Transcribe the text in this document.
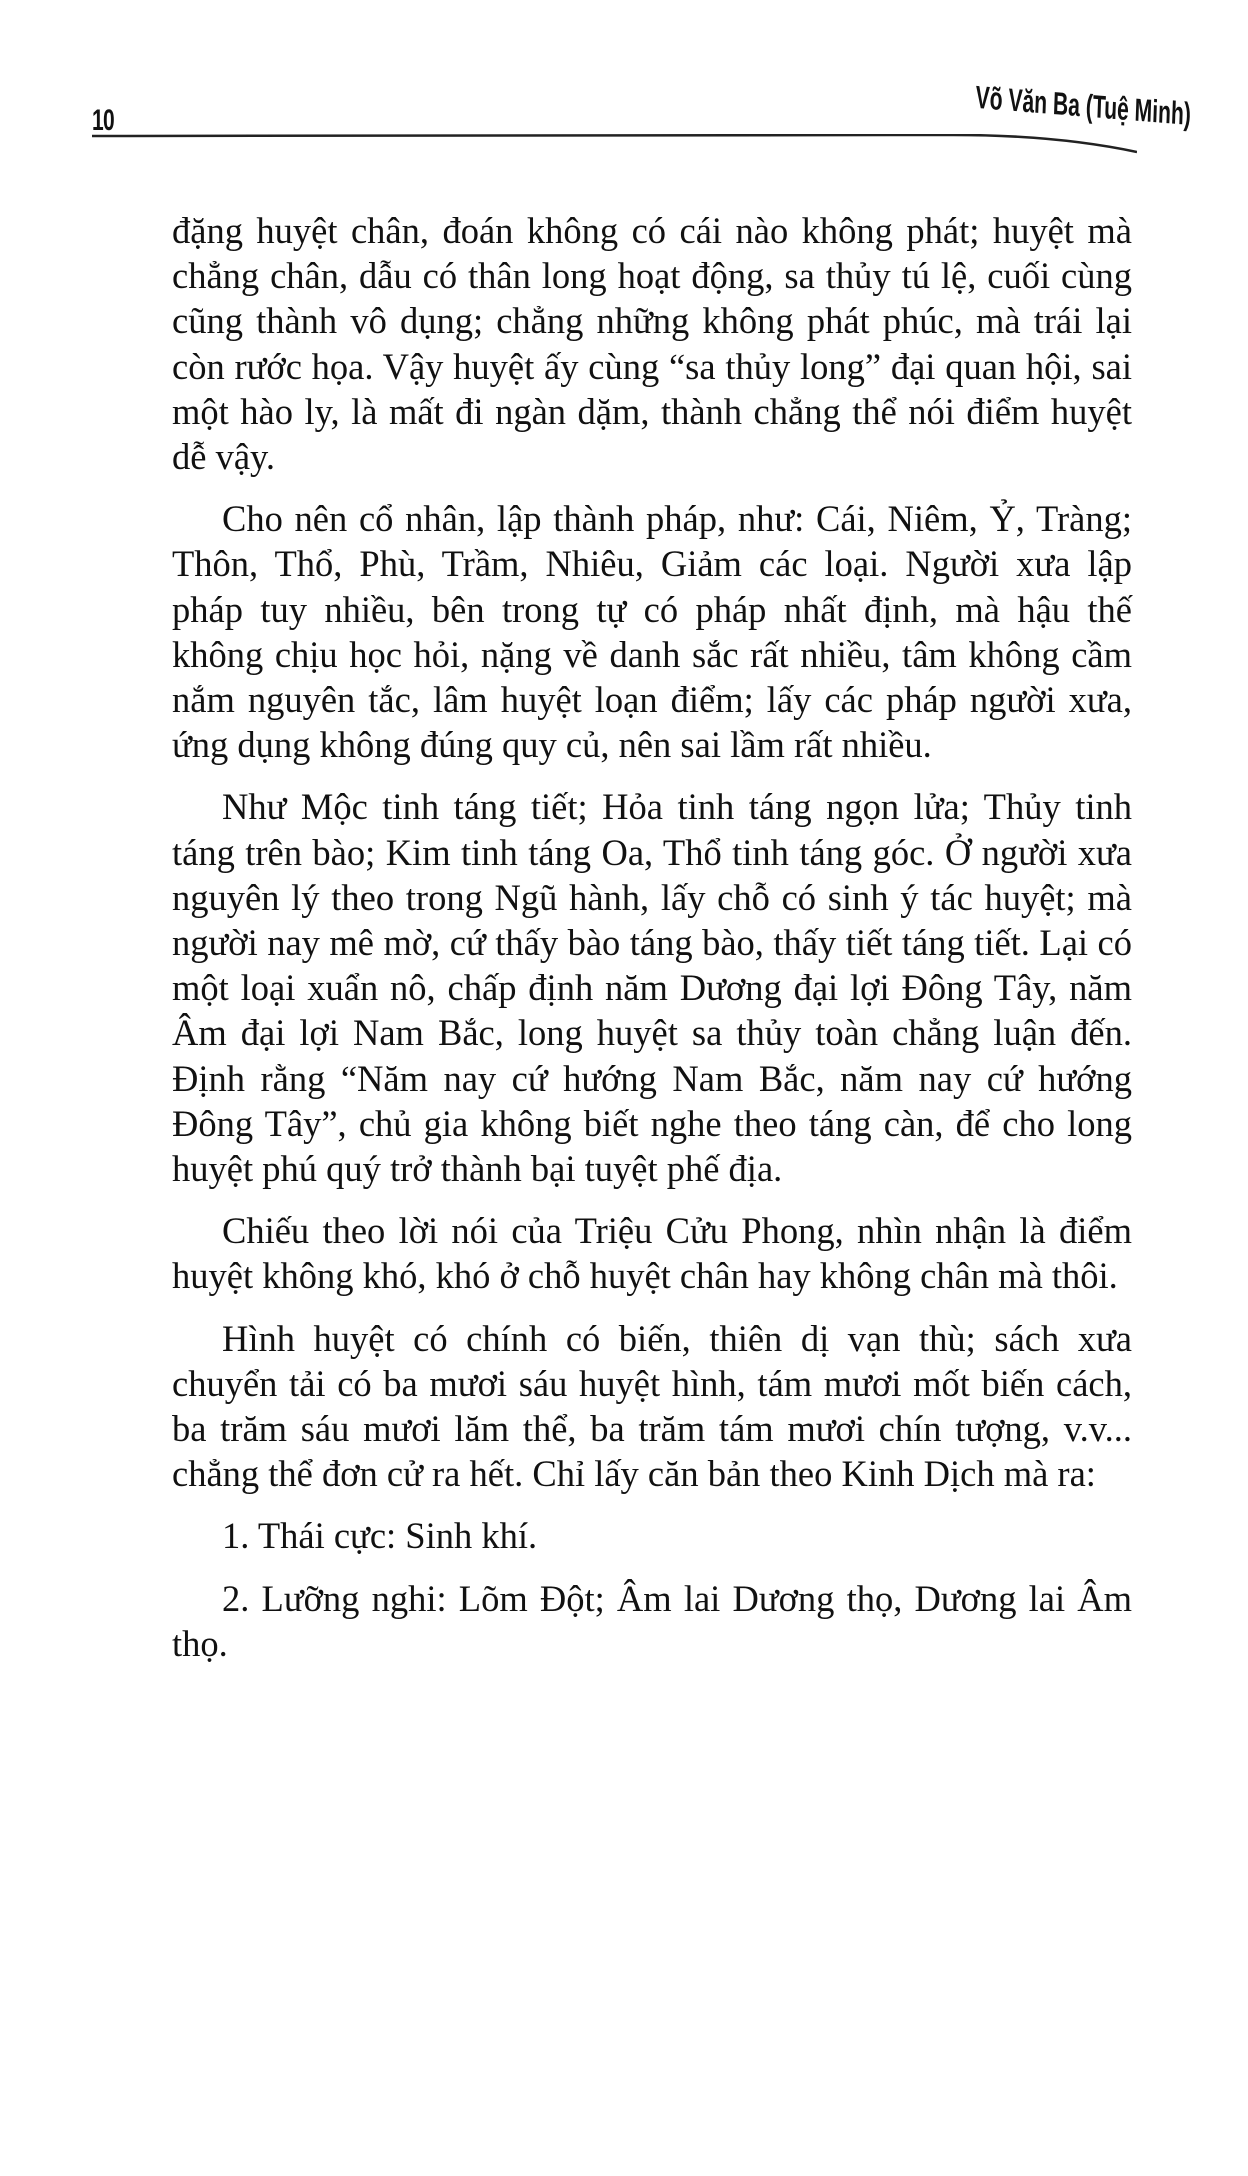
10	Võ Văn Ba (Tuệ Minh)

đặng huyệt chân, đoán không có cái nào không phát; huyệt mà chẳng chân, dẫu có thân long hoạt động, sa thủy tú lệ, cuối cùng cũng thành vô dụng; chẳng những không phát phúc, mà trái lại còn rước họa. Vậy huyệt ấy cùng “sa thủy long” đại quan hội, sai một hào ly, là mất đi ngàn dặm, thành chẳng thể nói điểm huyệt dễ vậy.

Cho nên cổ nhân, lập thành pháp, như: Cái, Niêm, Ỷ, Tràng; Thôn, Thổ, Phù, Trầm, Nhiêu, Giảm các loại. Người xưa lập pháp tuy nhiều, bên trong tự có pháp nhất định, mà hậu thế không chịu học hỏi, nặng về danh sắc rất nhiều, tâm không cầm nắm nguyên tắc, lâm huyệt loạn điểm; lấy các pháp người xưa, ứng dụng không đúng quy củ, nên sai lầm rất nhiều.

Như Mộc tinh táng tiết; Hỏa tinh táng ngọn lửa; Thủy tinh táng trên bào; Kim tinh táng Oa, Thổ tinh táng góc. Ở người xưa nguyên lý theo trong Ngũ hành, lấy chỗ có sinh ý tác huyệt; mà người nay mê mờ, cứ thấy bào táng bào, thấy tiết táng tiết. Lại có một loại xuẩn nô, chấp định năm Dương đại lợi Đông Tây, năm Âm đại lợi Nam Bắc, long huyệt sa thủy toàn chẳng luận đến. Định rằng “Năm nay cứ hướng Nam Bắc, năm nay cứ hướng Đông Tây”, chủ gia không biết nghe theo táng càn, để cho long huyệt phú quý trở thành bại tuyệt phế địa.

Chiếu theo lời nói của Triệu Cửu Phong, nhìn nhận là điểm huyệt không khó, khó ở chỗ huyệt chân hay không chân mà thôi.

Hình huyệt có chính có biến, thiên dị vạn thù; sách xưa chuyển tải có ba mươi sáu huyệt hình, tám mươi mốt biến cách, ba trăm sáu mươi lăm thể, ba trăm tám mươi chín tượng, v.v... chẳng thể đơn cử ra hết. Chỉ lấy căn bản theo Kinh Dịch mà ra:

1. Thái cực: Sinh khí.

2. Lưỡng nghi: Lõm Đột; Âm lai Dương thọ, Dương lai Âm thọ.
